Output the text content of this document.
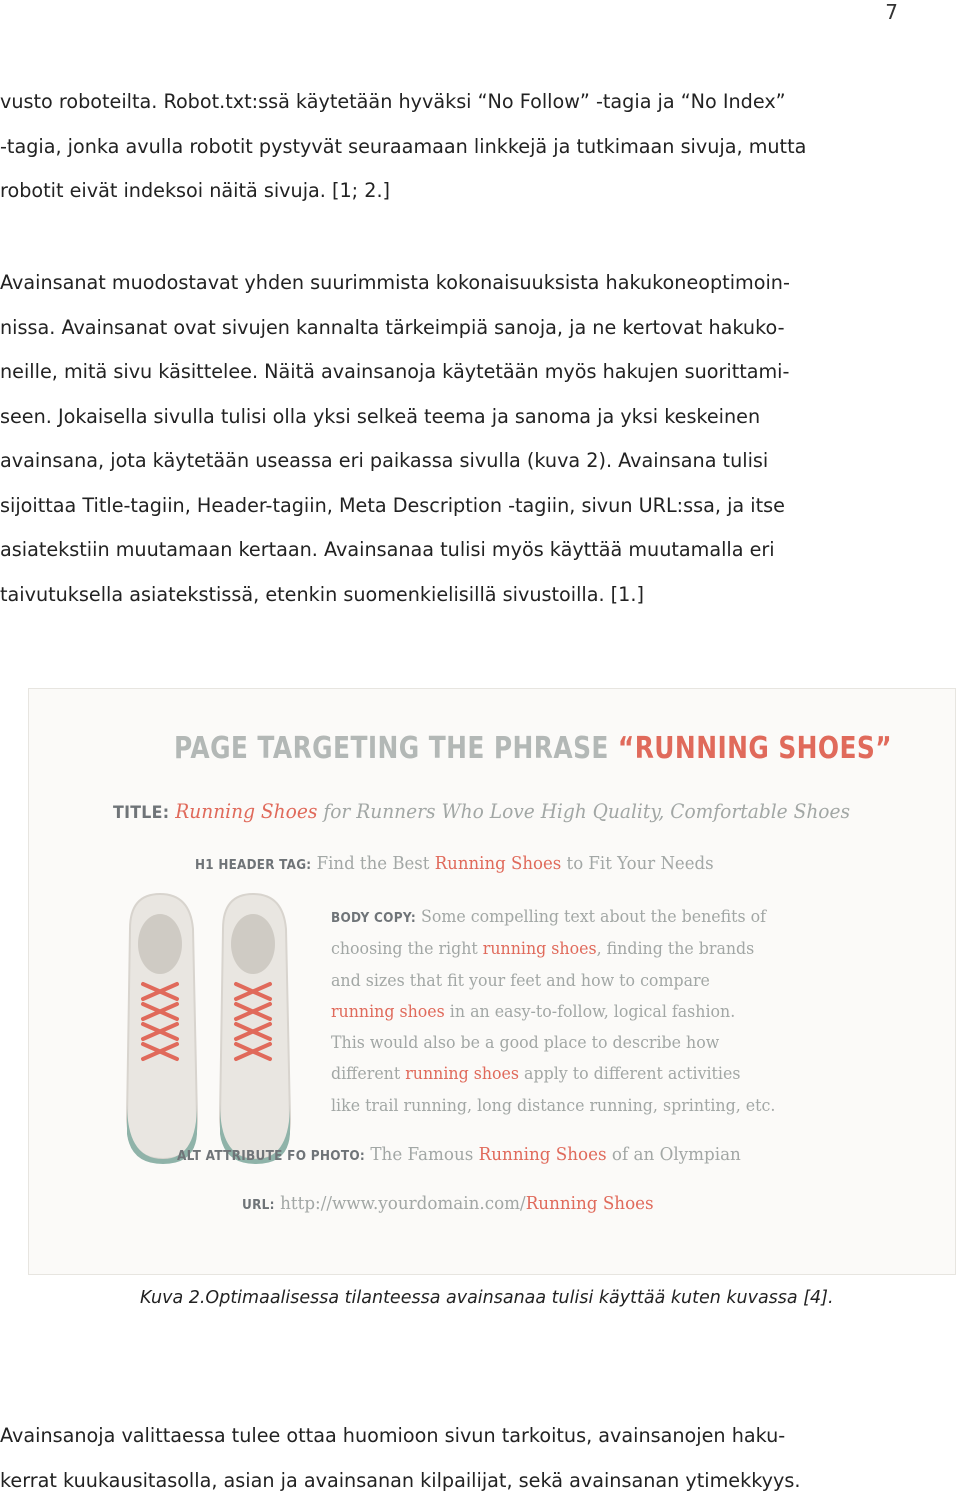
7

vusto roboteilta. Robot.txt:ssä käytetään hyväksi “No Follow” -tagia ja “No Index”
-tagia, jonka avulla robotit pystyvät seuraamaan linkkejä ja tutkimaan sivuja, mutta
robotit eivät indeksoi näitä sivuja. [1; 2.]

Avainsanat muodostavat yhden suurimmista kokonaisuuksista hakukoneoptimoin-
nissa. Avainsanat ovat sivujen kannalta tärkeimpiä sanoja, ja ne kertovat hakuko-
neille, mitä sivu käsittelee. Näitä avainsanoja käytetään myös hakujen suorittami-
seen. Jokaisella sivulla tulisi olla yksi selkeä teema ja sanoma ja yksi keskeinen
avainsana, jota käytetään useassa eri paikassa sivulla (kuva 2). Avainsana tulisi
sijoittaa Title-tagiin, Header-tagiin, Meta Description -tagiin, sivun URL:ssa, ja itse
asiatekstiin muutamaan kertaan. Avainsanaa tulisi myös käyttää muutamalla eri
taivutuksella asiatekstissä, etenkin suomenkielisillä sivustoilla. [1.]

PAGE TARGETING THE PHRASE “RUNNING SHOES”
TITLE: Running Shoes for Runners Who Love High Quality, Comfortable Shoes
H1 HEADER TAG: Find the Best Running Shoes to Fit Your Needs
BODY COPY: Some compelling text about the benefits of
choosing the right running shoes, finding the brands
and sizes that fit your feet and how to compare
running shoes in an easy-to-follow, logical fashion.
This would also be a good place to describe how
different running shoes apply to different activities
like trail running, long distance running, sprinting, etc.
ALT ATTRIBUTE FO PHOTO: The Famous Running Shoes of an Olympian
URL: http://www.yourdomain.com/Running Shoes
Kuva 2.Optimaalisessa tilanteessa avainsanaa tulisi käyttää kuten kuvassa [4].

Avainsanoja valittaessa tulee ottaa huomioon sivun tarkoitus, avainsanojen haku-
kerrat kuukausitasolla, asian ja avainsanan kilpailijat, sekä avainsanan ytimekkyys.
